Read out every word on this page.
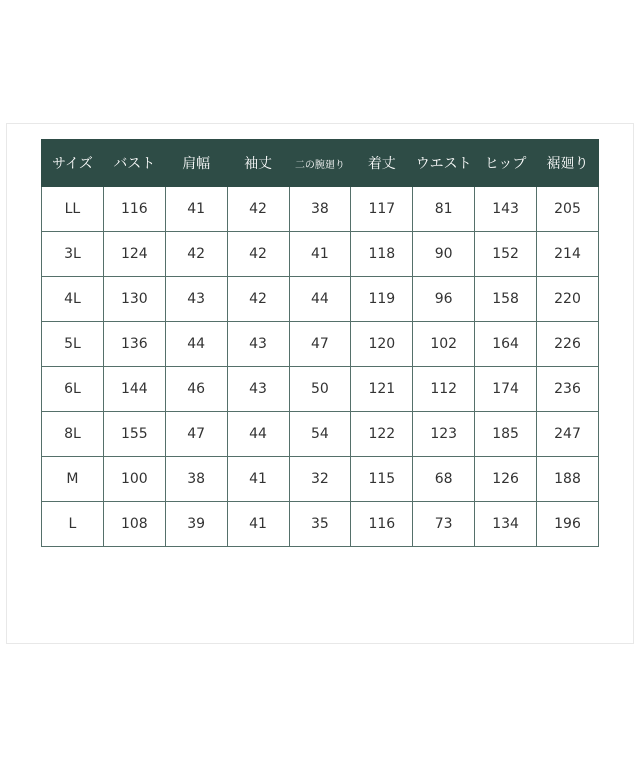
サイズ	バスト	肩幅	袖丈	二の腕廻り	着丈	ウエスト	ヒップ	裾廻り
LL	116	41	42	38	117	81	143	205
3L	124	42	42	41	118	90	152	214
4L	130	43	42	44	119	96	158	220
5L	136	44	43	47	120	102	164	226
6L	144	46	43	50	121	112	174	236
8L	155	47	44	54	122	123	185	247
M	100	38	41	32	115	68	126	188
L	108	39	41	35	116	73	134	196
